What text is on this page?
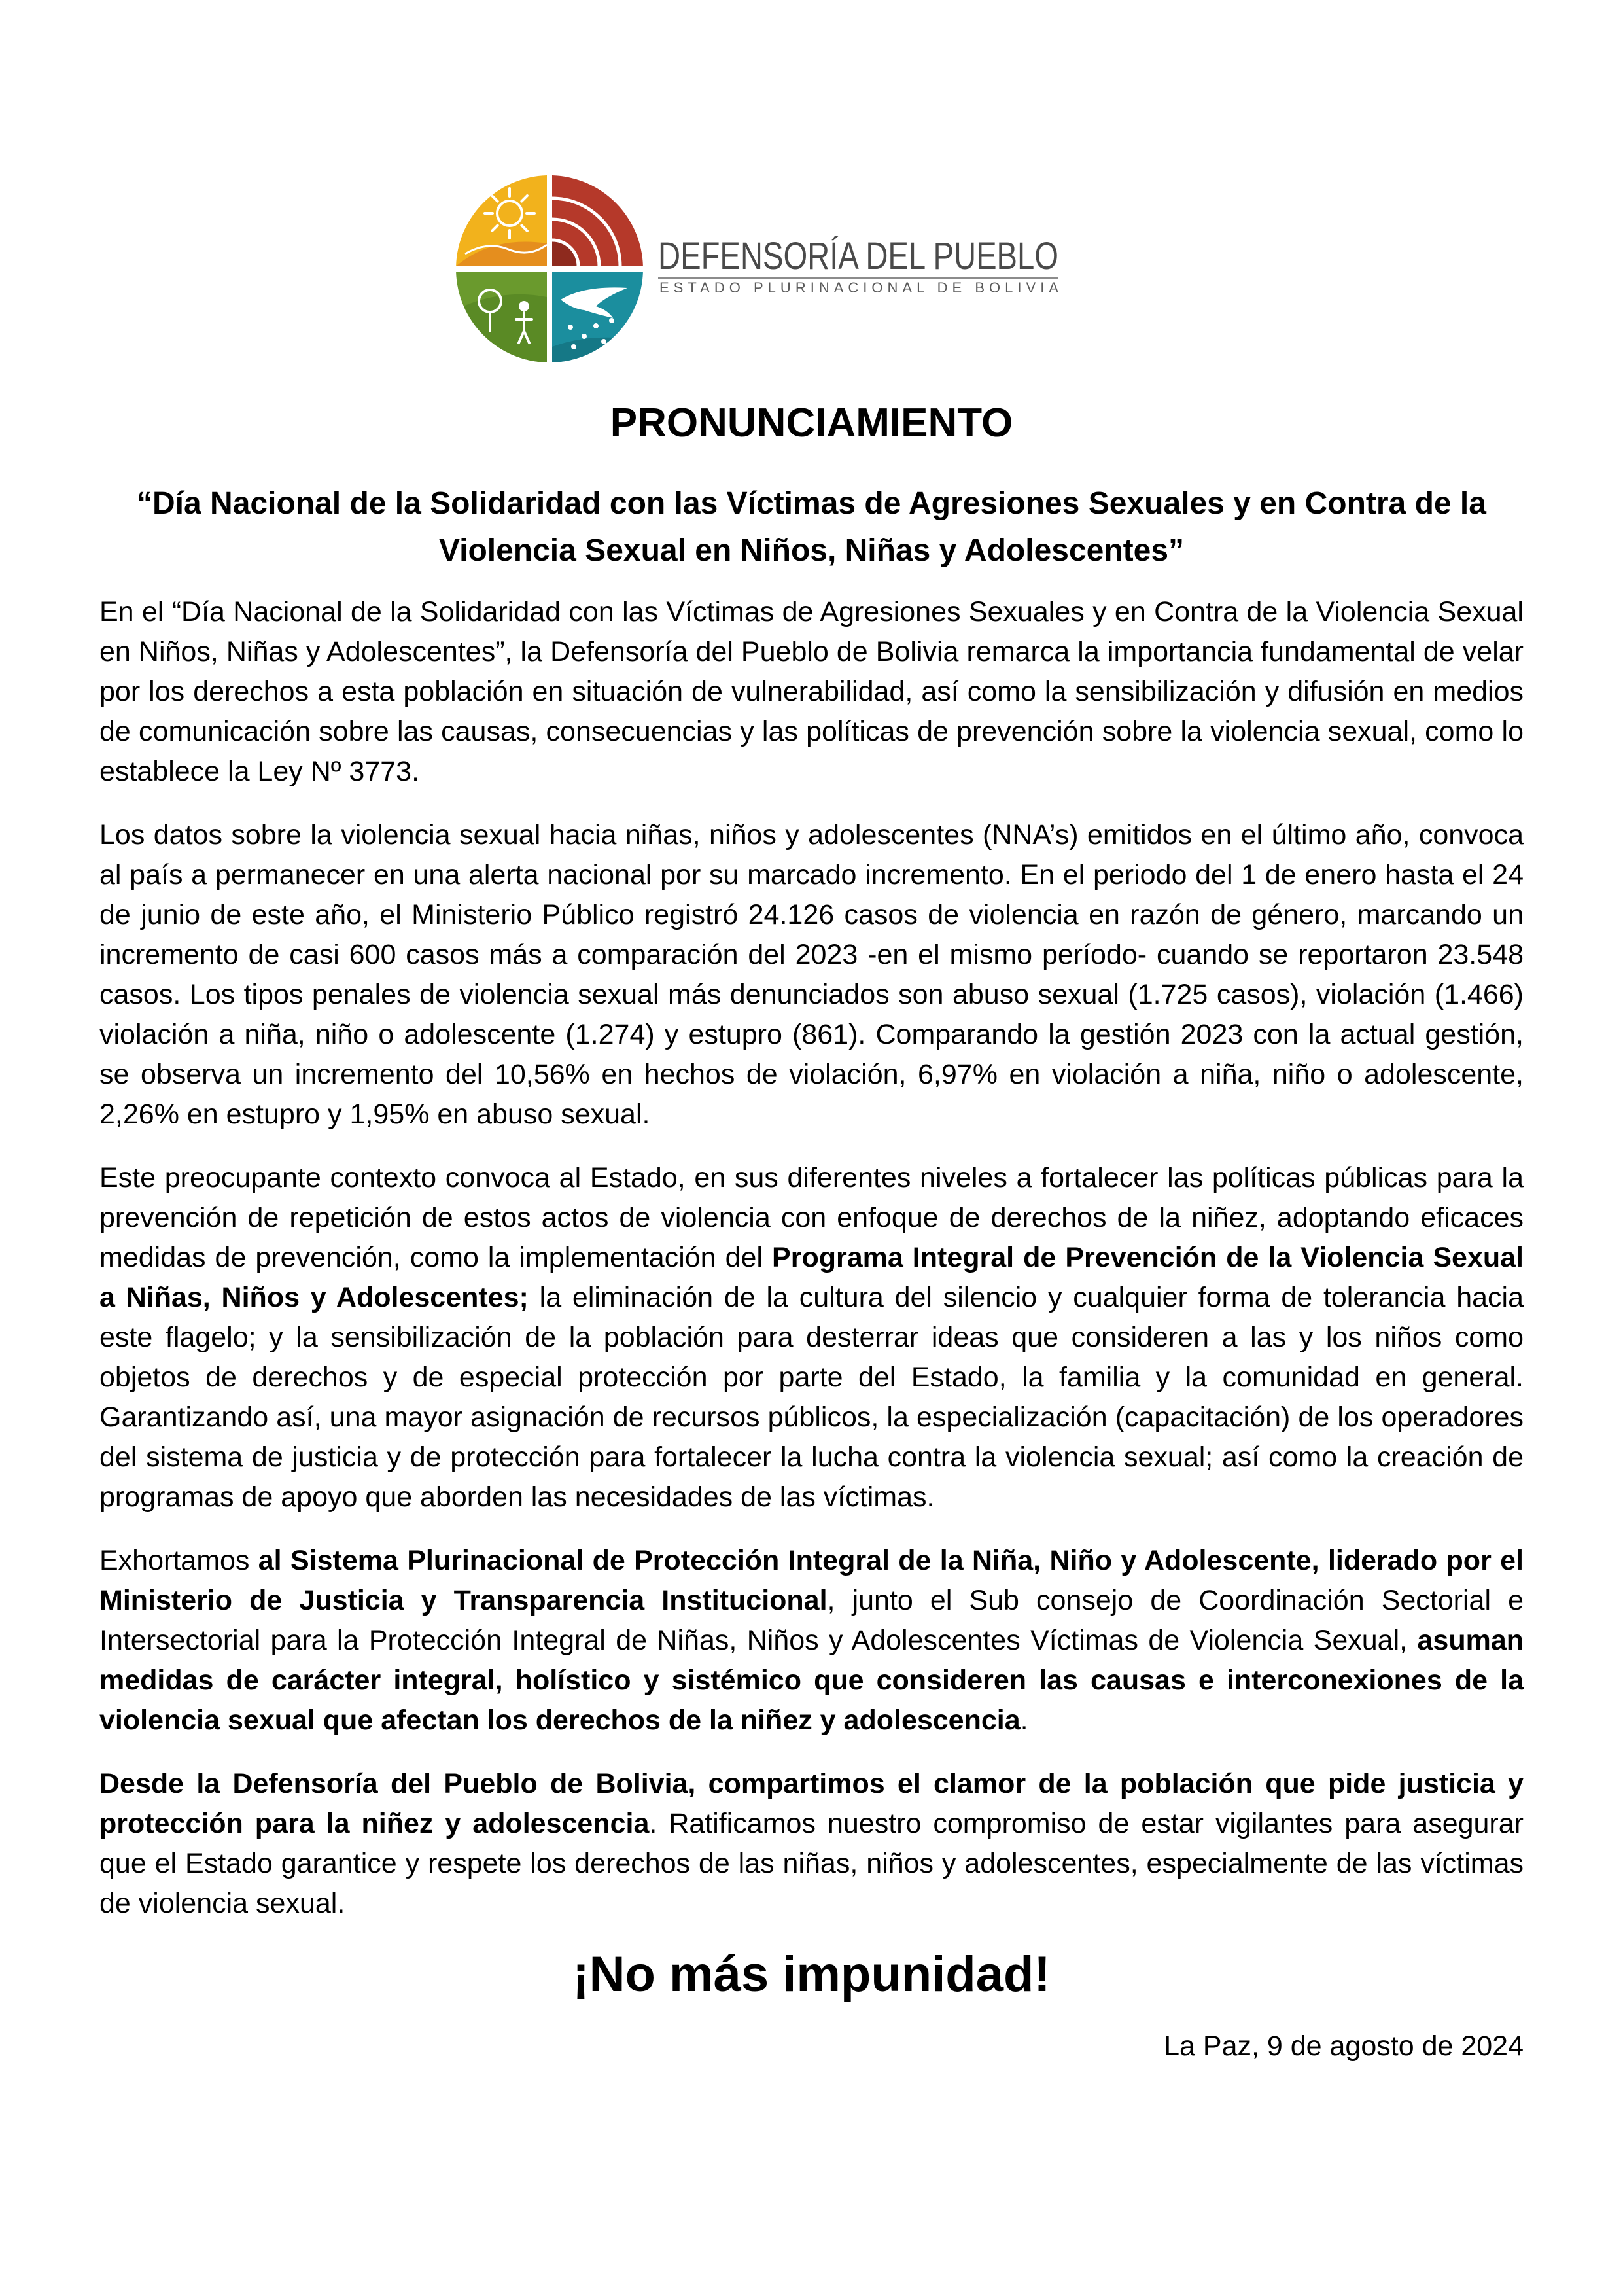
DEFENSORÍA DEL PUEBLO
ESTADO PLURINACIONAL DE BOLIVIA
PRONUNCIAMIENTO
“Día Nacional de la Solidaridad con las Víctimas de Agresiones Sexuales y en Contra de la
Violencia Sexual en Niños, Niñas y Adolescentes”

En el “Día Nacional de la Solidaridad con las Víctimas de Agresiones Sexuales y en Contra de la Violencia Sexual en Niños, Niñas y Adolescentes”, la Defensoría del Pueblo de Bolivia remarca la importancia fundamental de velar por los derechos a esta población en situación de vulnerabilidad, así como la sensibilización y difusión en medios de comunicación sobre las causas, consecuencias y las políticas de prevención sobre la violencia sexual, como lo establece la Ley Nº 3773.

Los datos sobre la violencia sexual hacia niñas, niños y adolescentes (NNA’s) emitidos en el último año, convoca al país a permanecer en una alerta nacional por su marcado incremento. En el periodo del 1 de enero hasta el 24 de junio de este año, el Ministerio Público registró 24.126 casos de violencia en razón de género, marcando un incremento de casi 600 casos más a comparación del 2023 -en el mismo período- cuando se reportaron 23.548 casos. Los tipos penales de violencia sexual más denunciados son abuso sexual (1.725 casos), violación (1.466) violación a niña, niño o adolescente (1.274) y estupro (861). Comparando la gestión 2023 con la actual gestión, se observa un incremento del 10,56% en hechos de violación, 6,97% en violación a niña, niño o adolescente, 2,26% en estupro y 1,95% en abuso sexual.

Este preocupante contexto convoca al Estado, en sus diferentes niveles a fortalecer las políticas públicas para la prevención de repetición de estos actos de violencia con enfoque de derechos de la niñez, adoptando eficaces medidas de prevención, como la implementación del Programa Integral de Prevención de la Violencia Sexual a Niñas, Niños y Adolescentes; la eliminación de la cultura del silencio y cualquier forma de tolerancia hacia este flagelo; y la sensibilización de la población para desterrar ideas que consideren a las y los niños como objetos de derechos y de especial protección por parte del Estado, la familia y la comunidad en general. Garantizando así, una mayor asignación de recursos públicos, la especialización (capacitación) de los operadores del sistema de justicia y de protección para fortalecer la lucha contra la violencia sexual; así como la creación de programas de apoyo que aborden las necesidades de las víctimas.

Exhortamos al Sistema Plurinacional de Protección Integral de la Niña, Niño y Adolescente, liderado por el Ministerio de Justicia y Transparencia Institucional, junto el Sub consejo de Coordinación Sectorial e Intersectorial para la Protección Integral de Niñas, Niños y Adolescentes Víctimas de Violencia Sexual, asuman medidas de carácter integral, holístico y sistémico que consideren las causas e interconexiones de la violencia sexual que afectan los derechos de la niñez y adolescencia.

Desde la Defensoría del Pueblo de Bolivia, compartimos el clamor de la población que pide justicia y protección para la niñez y adolescencia. Ratificamos nuestro compromiso de estar vigilantes para asegurar que el Estado garantice y respete los derechos de las niñas, niños y adolescentes, especialmente de las víctimas de violencia sexual.

¡No más impunidad!
La Paz, 9 de agosto de 2024
